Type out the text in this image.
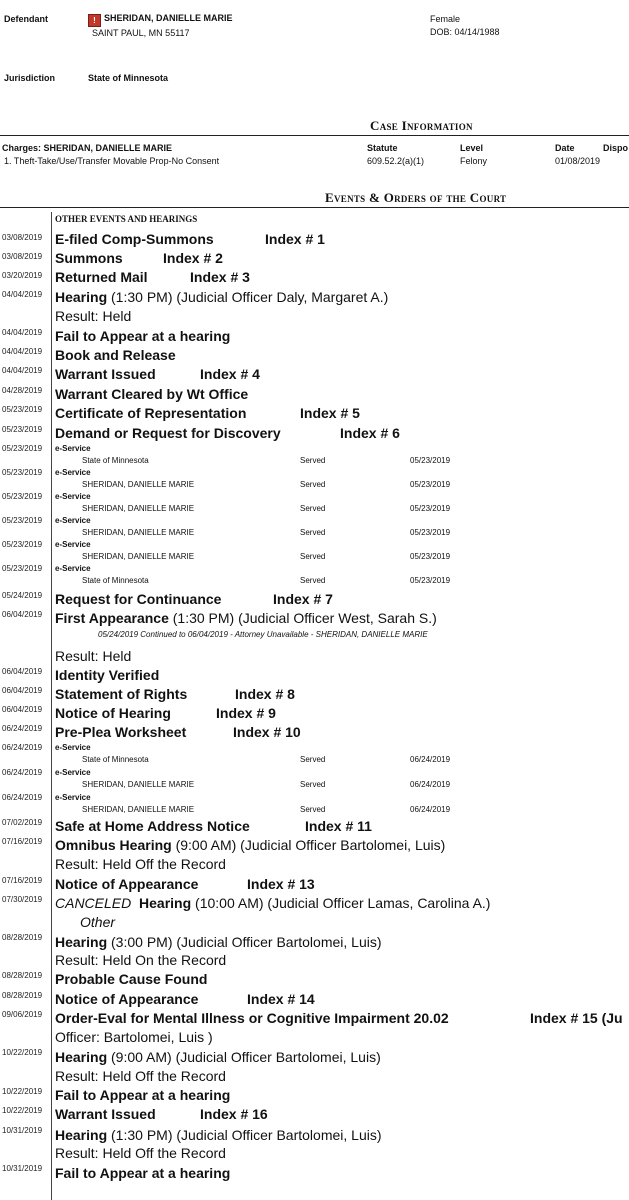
Defendant	! SHERIDAN, DANIELLE MARIE
SAINT PAUL, MN 55117
Female
DOB: 04/14/1988
Jurisdiction	State of Minnesota
Case Information
Charges: SHERIDAN, DANIELLE MARIE	Statute	Level	Date	Dispo
1. Theft-Take/Use/Transfer Movable Prop-No Consent	609.52.2(a)(1)	Felony	01/08/2019
Events & Orders of the Court
OTHER EVENTS AND HEARINGS
03/08/2019 E-filed Comp-Summons	Index # 1
03/08/2019 Summons	Index # 2
03/20/2019 Returned Mail	Index # 3
04/04/2019 Hearing (1:30 PM) (Judicial Officer Daly, Margaret A.)
Result: Held
04/04/2019 Fail to Appear at a hearing
04/04/2019 Book and Release
04/04/2019 Warrant Issued	Index # 4
04/28/2019 Warrant Cleared by Wt Office
05/23/2019 Certificate of Representation	Index # 5
05/23/2019 Demand or Request for Discovery	Index # 6
05/23/2019 e-Service
State of Minnesota	Served	05/23/2019
05/23/2019 e-Service
SHERIDAN, DANIELLE MARIE	Served	05/23/2019
05/23/2019 e-Service
SHERIDAN, DANIELLE MARIE	Served	05/23/2019
05/23/2019 e-Service
SHERIDAN, DANIELLE MARIE	Served	05/23/2019
05/23/2019 e-Service
SHERIDAN, DANIELLE MARIE	Served	05/23/2019
05/23/2019 e-Service
State of Minnesota	Served	05/23/2019
05/24/2019 Request for Continuance	Index # 7
06/04/2019 First Appearance (1:30 PM) (Judicial Officer West, Sarah S.)
05/24/2019 Continued to 06/04/2019 - Attorney Unavailable - SHERIDAN, DANIELLE MARIE
Result: Held
06/04/2019 Identity Verified
06/04/2019 Statement of Rights	Index # 8
06/04/2019 Notice of Hearing	Index # 9
06/24/2019 Pre-Plea Worksheet	Index # 10
06/24/2019 e-Service
State of Minnesota	Served	06/24/2019
06/24/2019 e-Service
SHERIDAN, DANIELLE MARIE	Served	06/24/2019
06/24/2019 e-Service
SHERIDAN, DANIELLE MARIE	Served	06/24/2019
07/02/2019 Safe at Home Address Notice	Index # 11
07/16/2019 Omnibus Hearing (9:00 AM) (Judicial Officer Bartolomei, Luis)
Result: Held Off the Record
07/16/2019 Notice of Appearance	Index # 13
07/30/2019 CANCELED Hearing (10:00 AM) (Judicial Officer Lamas, Carolina A.)
Other
08/28/2019 Hearing (3:00 PM) (Judicial Officer Bartolomei, Luis)
Result: Held On the Record
08/28/2019 Probable Cause Found
08/28/2019 Notice of Appearance	Index # 14
09/06/2019 Order-Eval for Mental Illness or Cognitive Impairment 20.02	Index # 15 (Ju
Officer: Bartolomei, Luis )
10/22/2019 Hearing (9:00 AM) (Judicial Officer Bartolomei, Luis)
Result: Held Off the Record
10/22/2019 Fail to Appear at a hearing
10/22/2019 Warrant Issued	Index # 16
10/31/2019 Hearing (1:30 PM) (Judicial Officer Bartolomei, Luis)
Result: Held Off the Record
10/31/2019 Fail to Appear at a hearing
